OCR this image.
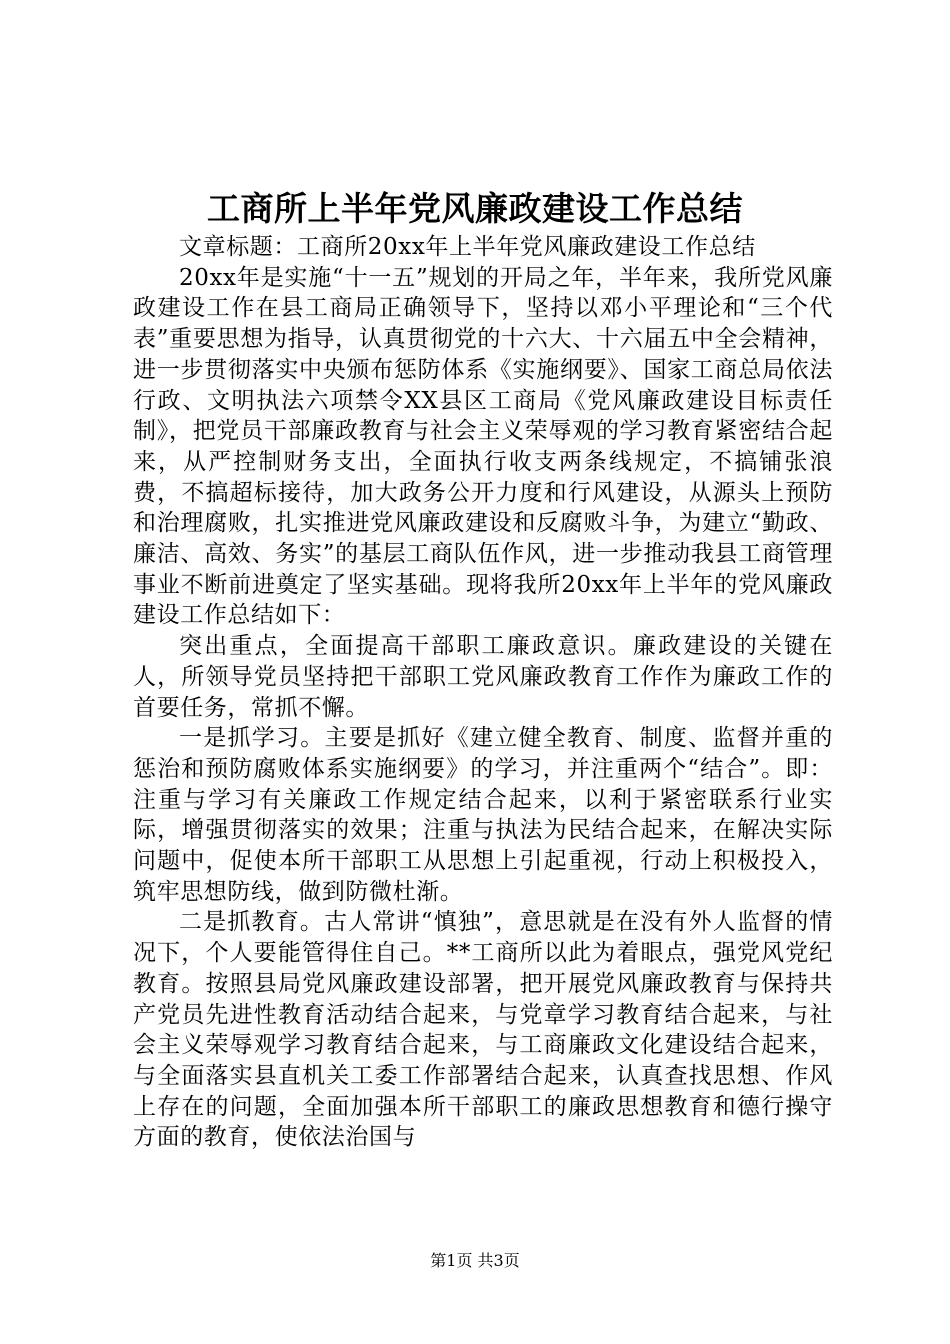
工商所上半年党风廉政建设工作总结

文章标题：工商所20xx年上半年党风廉政建设工作总结

20xx年是实施“十一五”规划的开局之年，半年来，我所党风廉政建设工作在县工商局正确领导下，坚持以邓小平理论和“三个代表”重要思想为指导，认真贯彻党的十六大、十六届五中全会精神，进一步贯彻落实中央颁布惩防体系《实施纲要》、国家工商总局依法行政、文明执法六项禁令XX县区工商局《党风廉政建设目标责任制》，把党员干部廉政教育与社会主义荣辱观的学习教育紧密结合起来，从严控制财务支出，全面执行收支两条线规定，不搞铺张浪费，不搞超标接待，加大政务公开力度和行风建设，从源头上预防和治理腐败，扎实推进党风廉政建设和反腐败斗争，为建立“勤政、廉洁、高效、务实”的基层工商队伍作风，进一步推动我县工商管理事业不断前进奠定了坚实基础。现将我所20xx年上半年的党风廉政建设工作总结如下：

突出重点，全面提高干部职工廉政意识。廉政建设的关键在人，所领导党员坚持把干部职工党风廉政教育工作作为廉政工作的首要任务，常抓不懈。

一是抓学习。主要是抓好《建立健全教育、制度、监督并重的惩治和预防腐败体系实施纲要》的学习，并注重两个“结合”。即：注重与学习有关廉政工作规定结合起来，以利于紧密联系行业实际，增强贯彻落实的效果；注重与执法为民结合起来，在解决实际问题中，促使本所干部职工从思想上引起重视，行动上积极投入，筑牢思想防线，做到防微杜渐。

二是抓教育。古人常讲“慎独”，意思就是在没有外人监督的情况下，个人要能管得住自己。**工商所以此为着眼点，强党风党纪教育。按照县局党风廉政建设部署，把开展党风廉政教育与保持共产党员先进性教育活动结合起来，与党章学习教育结合起来，与社会主义荣辱观学习教育结合起来，与工商廉政文化建设结合起来，与全面落实县直机关工委工作部署结合起来，认真查找思想、作风上存在的问题，全面加强本所干部职工的廉政思想教育和德行操守方面的教育，使依法治国与

第1页 共3页
